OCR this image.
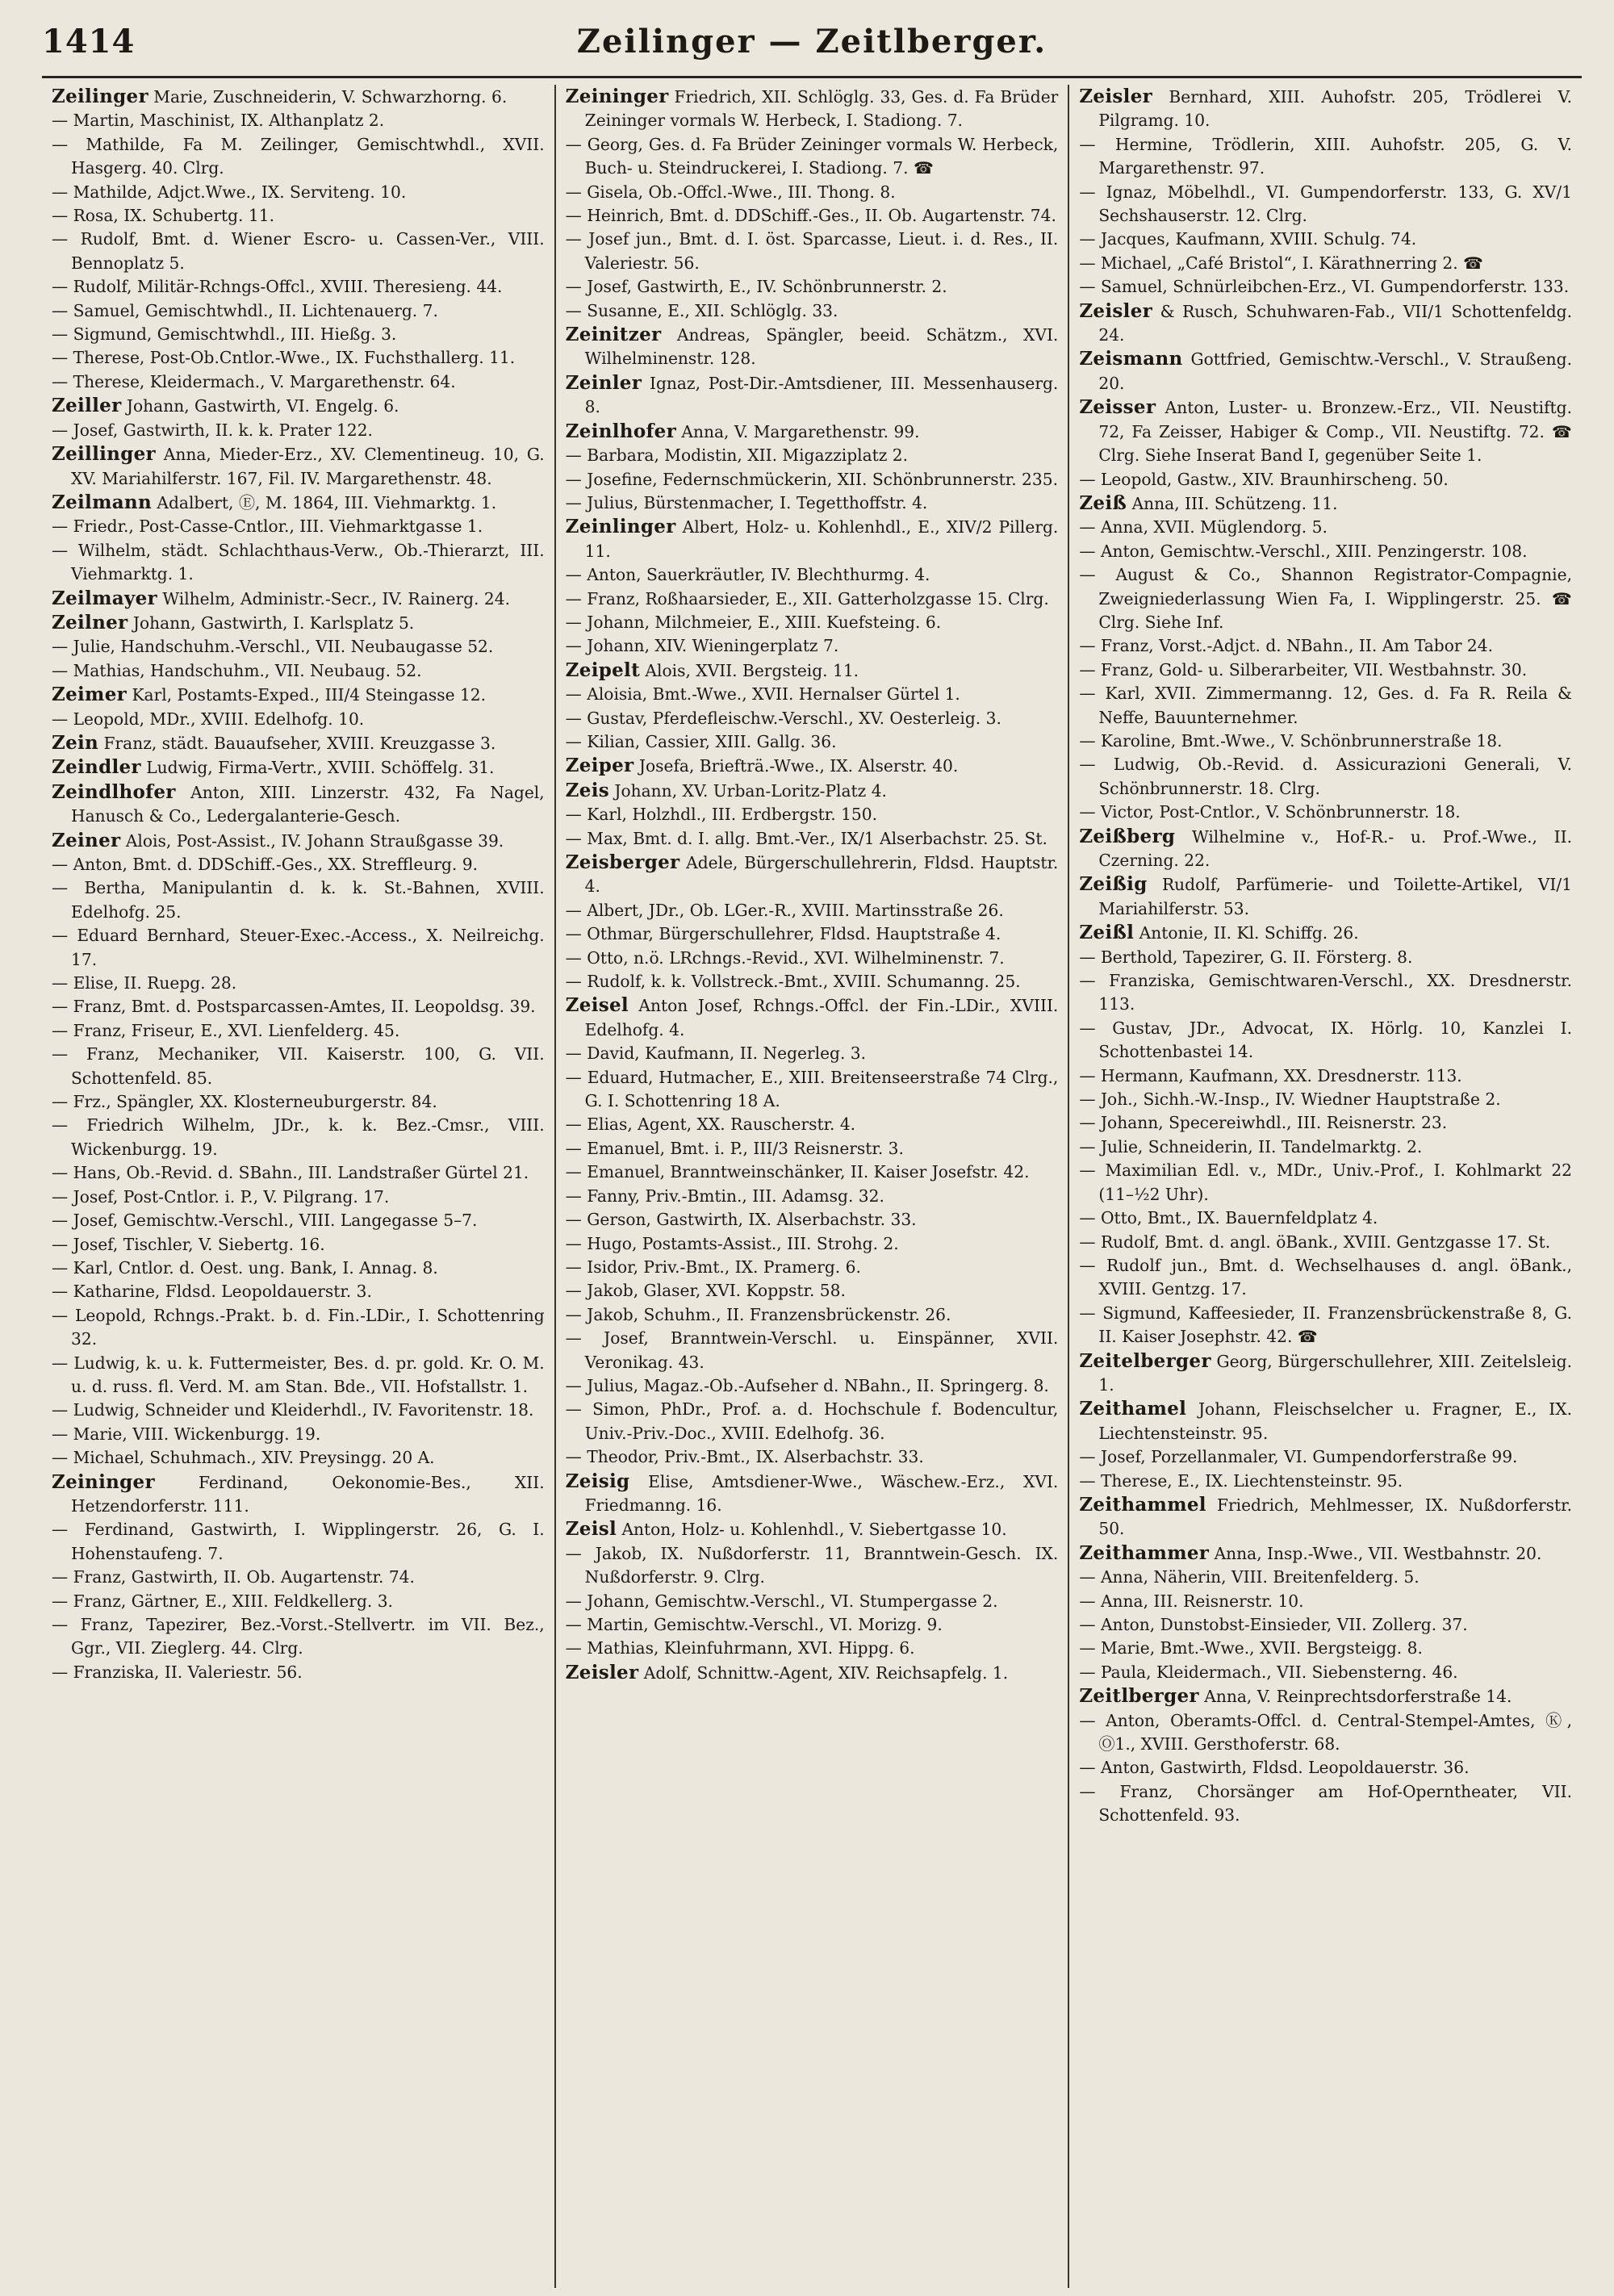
1414	Zeilinger — Zeitlberger.
Zeilinger Marie, Zuschneiderin, V. Schwarzhorng. 6.
— Martin, Maschinist, IX. Althanplatz 2.
— Mathilde, Fa M. Zeilinger, Gemischtwhdl., XVII. Hasgerg. 40. Clrg.
— Mathilde, Adjct.Wwe., IX. Serviteng. 10.
— Rosa, IX. Schubertg. 11.
— Rudolf, Bmt. d. Wiener Escro- u. Cassen-Ver., VIII. Bennoplatz 5.
— Rudolf, Militär-Rchngs-Offcl., XVIII. Theresieng. 44.
— Samuel, Gemischtwhdl., II. Lichtenauerg. 7.
— Sigmund, Gemischtwhdl., III. Hießg. 3.
— Therese, Post-Ob.Cntlor.-Wwe., IX. Fuchsthallerg. 11.
— Therese, Kleidermach., V. Margarethenstr. 64.
Zeiller Johann, Gastwirth, VI. Engelg. 6.
— Josef, Gastwirth, II. k. k. Prater 122.
Zeillinger Anna, Mieder-Erz., XV. Clementineug. 10, G. XV. Mariahilferstr. 167, Fil. IV. Margarethenstr. 48.
Zeilmann Adalbert, Ⓔ, M. 1864, III. Viehmarktg. 1.
— Friedr., Post-Casse-Cntlor., III. Viehmarktgasse 1.
— Wilhelm, städt. Schlachthaus-Verw., Ob.-Thierarzt, III. Viehmarktg. 1.
Zeilmayer Wilhelm, Administr.-Secr., IV. Rainerg. 24.
Zeilner Johann, Gastwirth, I. Karlsplatz 5.
— Julie, Handschuhm.-Verschl., VII. Neubaugasse 52.
— Mathias, Handschuhm., VII. Neubaug. 52.
Zeimer Karl, Postamts-Exped., III/4 Steingasse 12.
— Leopold, MDr., XVIII. Edelhofg. 10.
Zein Franz, städt. Bauaufseher, XVIII. Kreuzgasse 3.
Zeindler Ludwig, Firma-Vertr., XVIII. Schöffelg. 31.
Zeindlhofer Anton, XIII. Linzerstr. 432, Fa Nagel, Hanusch & Co., Ledergalanterie-Gesch.
Zeiner Alois, Post-Assist., IV. Johann Straußgasse 39.
— Anton, Bmt. d. DDSchiff.-Ges., XX. Streffleurg. 9.
— Bertha, Manipulantin d. k. k. St.-Bahnen, XVIII. Edelhofg. 25.
— Eduard Bernhard, Steuer-Exec.-Access., X. Neilreichg. 17.
— Elise, II. Ruepg. 28.
— Franz, Bmt. d. Postsparcassen-Amtes, II. Leopoldsg. 39.
— Franz, Friseur, E., XVI. Lienfelderg. 45.
— Franz, Mechaniker, VII. Kaiserstr. 100, G. VII. Schottenfeld. 85.
— Frz., Spängler, XX. Klosterneuburgerstr. 84.
— Friedrich Wilhelm, JDr., k. k. Bez.-Cmsr., VIII. Wickenburgg. 19.
— Hans, Ob.-Revid. d. SBahn., III. Landstraßer Gürtel 21.
— Josef, Post-Cntlor. i. P., V. Pilgrang. 17.
— Josef, Gemischtw.-Verschl., VIII. Langegasse 5–7.
— Josef, Tischler, V. Siebertg. 16.
— Karl, Cntlor. d. Oest. ung. Bank, I. Annag. 8.
— Katharine, Fldsd. Leopoldauerstr. 3.
— Leopold, Rchngs.-Prakt. b. d. Fin.-LDir., I. Schottenring 32.
— Ludwig, k. u. k. Futtermeister, Bes. d. pr. gold. Kr. O. M. u. d. russ. fl. Verd. M. am Stan. Bde., VII. Hofstallstr. 1.
— Ludwig, Schneider und Kleiderhdl., IV. Favoritenstr. 18.
— Marie, VIII. Wickenburgg. 19.
— Michael, Schuhmach., XIV. Preysingg. 20 A.
Zeininger Ferdinand, Oekonomie-Bes., XII. Hetzendorferstr. 111.
— Ferdinand, Gastwirth, I. Wipplingerstr. 26, G. I. Hohenstaufeng. 7.
— Franz, Gastwirth, II. Ob. Augartenstr. 74.
— Franz, Gärtner, E., XIII. Feldkellerg. 3.
— Franz, Tapezirer, Bez.-Vorst.-Stellvertr. im VII. Bez., Ggr., VII. Zieglerg. 44. Clrg.
— Franziska, II. Valeriestr. 56.
Zeininger Friedrich, XII. Schlöglg. 33, Ges. d. Fa Brüder Zeininger vormals W. Herbeck, I. Stadiong. 7.
— Georg, Ges. d. Fa Brüder Zeininger vormals W. Herbeck, Buch- u. Steindruckerei, I. Stadiong. 7. ☎
— Gisela, Ob.-Offcl.-Wwe., III. Thong. 8.
— Heinrich, Bmt. d. DDSchiff.-Ges., II. Ob. Augartenstr. 74.
— Josef jun., Bmt. d. I. öst. Sparcasse, Lieut. i. d. Res., II. Valeriestr. 56.
— Josef, Gastwirth, E., IV. Schönbrunnerstr. 2.
— Susanne, E., XII. Schlöglg. 33.
Zeinitzer Andreas, Spängler, beeid. Schätzm., XVI. Wilhelminenstr. 128.
Zeinler Ignaz, Post-Dir.-Amtsdiener, III. Messenhauserg. 8.
Zeinlhofer Anna, V. Margarethenstr. 99.
— Barbara, Modistin, XII. Migazziplatz 2.
— Josefine, Federnschmückerin, XII. Schönbrunnerstr. 235.
— Julius, Bürstenmacher, I. Tegetthoffstr. 4.
Zeinlinger Albert, Holz- u. Kohlenhdl., E., XIV/2 Pillerg. 11.
— Anton, Sauerkräutler, IV. Blechthurmg. 4.
— Franz, Roßhaarsieder, E., XII. Gatterholzgasse 15. Clrg.
— Johann, Milchmeier, E., XIII. Kuefsteing. 6.
— Johann, XIV. Wieningerplatz 7.
Zeipelt Alois, XVII. Bergsteig. 11.
— Aloisia, Bmt.-Wwe., XVII. Hernalser Gürtel 1.
— Gustav, Pferdefleischw.-Verschl., XV. Oesterleig. 3.
— Kilian, Cassier, XIII. Gallg. 36.
Zeiper Josefa, Briefträ.-Wwe., IX. Alserstr. 40.
Zeis Johann, XV. Urban-Loritz-Platz 4.
— Karl, Holzhdl., III. Erdbergstr. 150.
— Max, Bmt. d. I. allg. Bmt.-Ver., IX/1 Alserbachstr. 25. St.
Zeisberger Adele, Bürgerschullehrerin, Fldsd. Hauptstr. 4.
— Albert, JDr., Ob. LGer.-R., XVIII. Martinsstraße 26.
— Othmar, Bürgerschullehrer, Fldsd. Hauptstraße 4.
— Otto, n.ö. LRchngs.-Revid., XVI. Wilhelminenstr. 7.
— Rudolf, k. k. Vollstreck.-Bmt., XVIII. Schumanng. 25.
Zeisel Anton Josef, Rchngs.-Offcl. der Fin.-LDir., XVIII. Edelhofg. 4.
— David, Kaufmann, II. Negerleg. 3.
— Eduard, Hutmacher, E., XIII. Breitenseerstraße 74 Clrg., G. I. Schottenring 18 A.
— Elias, Agent, XX. Rauscherstr. 4.
— Emanuel, Bmt. i. P., III/3 Reisnerstr. 3.
— Emanuel, Branntweinschänker, II. Kaiser Josefstr. 42.
— Fanny, Priv.-Bmtin., III. Adamsg. 32.
— Gerson, Gastwirth, IX. Alserbachstr. 33.
— Hugo, Postamts-Assist., III. Strohg. 2.
— Isidor, Priv.-Bmt., IX. Pramerg. 6.
— Jakob, Glaser, XVI. Koppstr. 58.
— Jakob, Schuhm., II. Franzensbrückenstr. 26.
— Josef, Branntwein-Verschl. u. Einspänner, XVII. Veronikag. 43.
— Julius, Magaz.-Ob.-Aufseher d. NBahn., II. Springerg. 8.
— Simon, PhDr., Prof. a. d. Hochschule f. Bodencultur, Univ.-Priv.-Doc., XVIII. Edelhofg. 36.
— Theodor, Priv.-Bmt., IX. Alserbachstr. 33.
Zeisig Elise, Amtsdiener-Wwe., Wäschew.-Erz., XVI. Friedmanng. 16.
Zeisl Anton, Holz- u. Kohlenhdl., V. Siebertgasse 10.
— Jakob, IX. Nußdorferstr. 11, Branntwein-Gesch. IX. Nußdorferstr. 9. Clrg.
— Johann, Gemischtw.-Verschl., VI. Stumpergasse 2.
— Martin, Gemischtw.-Verschl., VI. Morizg. 9.
— Mathias, Kleinfuhrmann, XVI. Hippg. 6.
Zeisler Adolf, Schnittw.-Agent, XIV. Reichsapfelg. 1.
Zeisler Bernhard, XIII. Auhofstr. 205, Trödlerei V. Pilgramg. 10.
— Hermine, Trödlerin, XIII. Auhofstr. 205, G. V. Margarethenstr. 97.
— Ignaz, Möbelhdl., VI. Gumpendorferstr. 133, G. XV/1 Sechshauserstr. 12. Clrg.
— Jacques, Kaufmann, XVIII. Schulg. 74.
— Michael, „Café Bristol“, I. Kärathnerring 2. ☎
— Samuel, Schnürleibchen-Erz., VI. Gumpendorferstr. 133.
Zeisler & Rusch, Schuhwaren-Fab., VII/1 Schottenfeldg. 24.
Zeismann Gottfried, Gemischtw.-Verschl., V. Straußeng. 20.
Zeisser Anton, Luster- u. Bronzew.-Erz., VII. Neustiftg. 72, Fa Zeisser, Habiger & Comp., VII. Neustiftg. 72. ☎ Clrg. Siehe Inserat Band I, gegenüber Seite 1.
— Leopold, Gastw., XIV. Braunhirscheng. 50.
Zeiß Anna, III. Schützeng. 11.
— Anna, XVII. Müglendorg. 5.
— Anton, Gemischtw.-Verschl., XIII. Penzingerstr. 108.
— August & Co., Shannon Registrator-Compagnie, Zweigniederlassung Wien Fa, I. Wipplingerstr. 25. ☎ Clrg. Siehe Inf.
— Franz, Vorst.-Adjct. d. NBahn., II. Am Tabor 24.
— Franz, Gold- u. Silberarbeiter, VII. Westbahnstr. 30.
— Karl, XVII. Zimmermanng. 12, Ges. d. Fa R. Reila & Neffe, Bauunternehmer.
— Karoline, Bmt.-Wwe., V. Schönbrunnerstraße 18.
— Ludwig, Ob.-Revid. d. Assicurazioni Generali, V. Schönbrunnerstr. 18. Clrg.
— Victor, Post-Cntlor., V. Schönbrunnerstr. 18.
Zeißberg Wilhelmine v., Hof-R.- u. Prof.-Wwe., II. Czerning. 22.
Zeißig Rudolf, Parfümerie- und Toilette-Artikel, VI/1 Mariahilferstr. 53.
Zeißl Antonie, II. Kl. Schiffg. 26.
— Berthold, Tapezirer, G. II. Försterg. 8.
— Franziska, Gemischtwaren-Verschl., XX. Dresdnerstr. 113.
— Gustav, JDr., Advocat, IX. Hörlg. 10, Kanzlei I. Schottenbastei 14.
— Hermann, Kaufmann, XX. Dresdnerstr. 113.
— Joh., Sichh.-W.-Insp., IV. Wiedner Hauptstraße 2.
— Johann, Specereiwhdl., III. Reisnerstr. 23.
— Julie, Schneiderin, II. Tandelmarktg. 2.
— Maximilian Edl. v., MDr., Univ.-Prof., I. Kohlmarkt 22 (11–½2 Uhr).
— Otto, Bmt., IX. Bauernfeldplatz 4.
— Rudolf, Bmt. d. angl. öBank., XVIII. Gentzgasse 17. St.
— Rudolf jun., Bmt. d. Wechselhauses d. angl. öBank., XVIII. Gentzg. 17.
— Sigmund, Kaffeesieder, II. Franzensbrückenstraße 8, G. II. Kaiser Josephstr. 42. ☎
Zeitelberger Georg, Bürgerschullehrer, XIII. Zeitelsleig. 1.
Zeithamel Johann, Fleischselcher u. Fragner, E., IX. Liechtensteinstr. 95.
— Josef, Porzellanmaler, VI. Gumpendorferstraße 99.
— Therese, E., IX. Liechtensteinstr. 95.
Zeithammel Friedrich, Mehlmesser, IX. Nußdorferstr. 50.
Zeithammer Anna, Insp.-Wwe., VII. Westbahnstr. 20.
— Anna, Näherin, VIII. Breitenfelderg. 5.
— Anna, III. Reisnerstr. 10.
— Anton, Dunstobst-Einsieder, VII. Zollerg. 37.
— Marie, Bmt.-Wwe., XVII. Bergsteigg. 8.
— Paula, Kleidermach., VII. Siebensterng. 46.
Zeitlberger Anna, V. Reinprechtsdorferstraße 14.
— Anton, Oberamts-Offcl. d. Central-Stempel-Amtes, Ⓚ, Ⓞ1., XVIII. Gersthoferstr. 68.
— Anton, Gastwirth, Fldsd. Leopoldauerstr. 36.
— Franz, Chorsänger am Hof-Operntheater, VII. Schottenfeld. 93.
